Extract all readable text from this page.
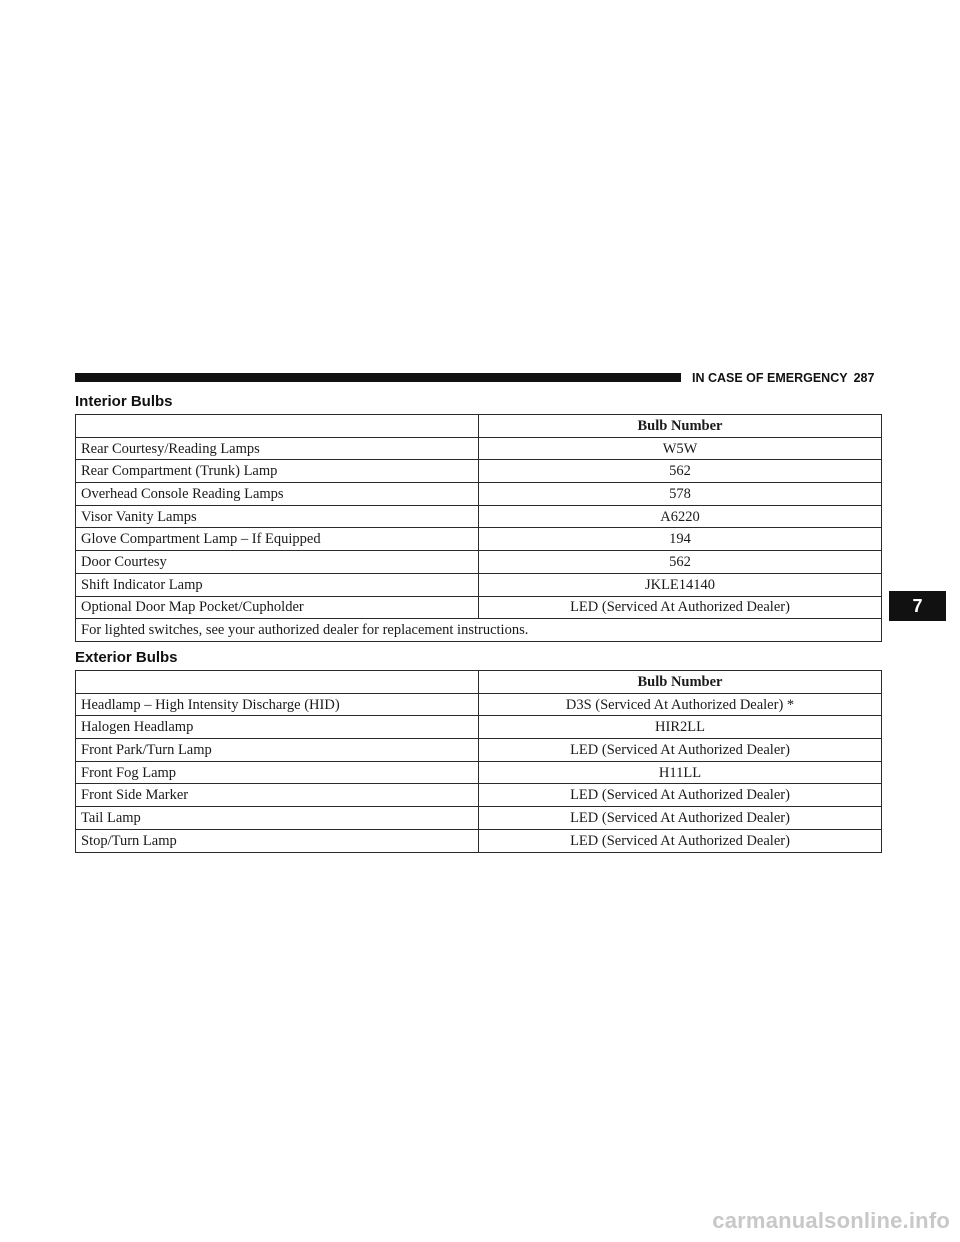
IN CASE OF EMERGENCY 287
Interior Bulbs
	Bulb Number
Rear Courtesy/Reading Lamps	W5W
Rear Compartment (Trunk) Lamp	562
Overhead Console Reading Lamps	578
Visor Vanity Lamps	A6220
Glove Compartment Lamp – If Equipped	194
Door Courtesy	562
Shift Indicator Lamp	JKLE14140
Optional Door Map Pocket/Cupholder	LED (Serviced At Authorized Dealer)
For lighted switches, see your authorized dealer for replacement instructions.	
Exterior Bulbs
	Bulb Number
Headlamp – High Intensity Discharge (HID)	D3S (Serviced At Authorized Dealer) *
Halogen Headlamp	HIR2LL
Front Park/Turn Lamp	LED (Serviced At Authorized Dealer)
Front Fog Lamp	H11LL
Front Side Marker	LED (Serviced At Authorized Dealer)
Tail Lamp	LED (Serviced At Authorized Dealer)
Stop/Turn Lamp	LED (Serviced At Authorized Dealer)
7
carmanualsonline.info
